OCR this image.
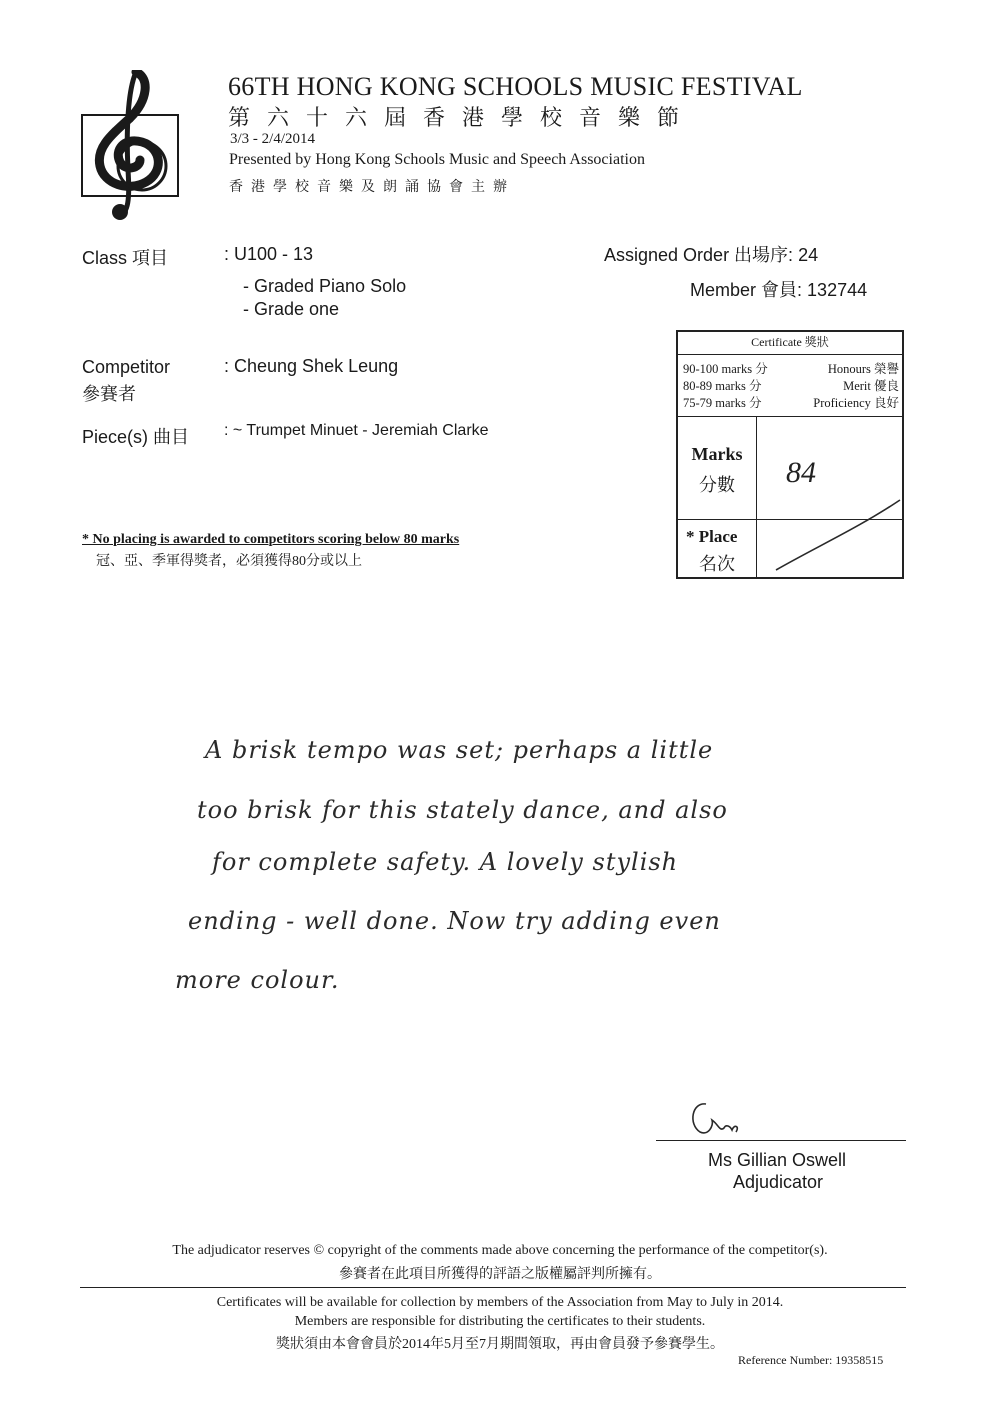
66TH HONG KONG SCHOOLS MUSIC FESTIVAL
第六十六屆香港學校音樂節
3/3 - 2/4/2014
Presented by Hong Kong Schools Music and Speech Association
香港學校音樂及朗誦協會主辦
Class 項目	: U100 - 13
- Graded Piano Solo
- Grade one
Competitor
參賽者
: Cheung Shek Leung
Piece(s) 曲目 : ~ Trumpet Minuet - Jeremiah Clarke
Assigned Order 出場序: 24
Member 會員: 132744
* No placing is awarded to competitors scoring below 80 marks
冠、亞、季軍得獎者，必須獲得80分或以上
Certificate 獎狀
90-100 marks 分	Honours 榮譽
80-89 marks 分	Merit 優良
75-79 marks 分	Proficiency 良好
Marks
分數	84
* Place
名次
A brisk tempo was set; perhaps a little
too brisk for this stately dance, and also
for complete safety. A lovely stylish
ending - well done. Now try adding even
more colour.
Ms Gillian Oswell
Adjudicator
The adjudicator reserves © copyright of the comments made above concerning the performance of the competitor(s).
參賽者在此項目所獲得的評語之版權屬評判所擁有。
Certificates will be available for collection by members of the Association from May to July in 2014.
Members are responsible for distributing the certificates to their students.
獎狀須由本會會員於2014年5月至7月期間領取，再由會員發予參賽學生。
Reference Number: 19358515
